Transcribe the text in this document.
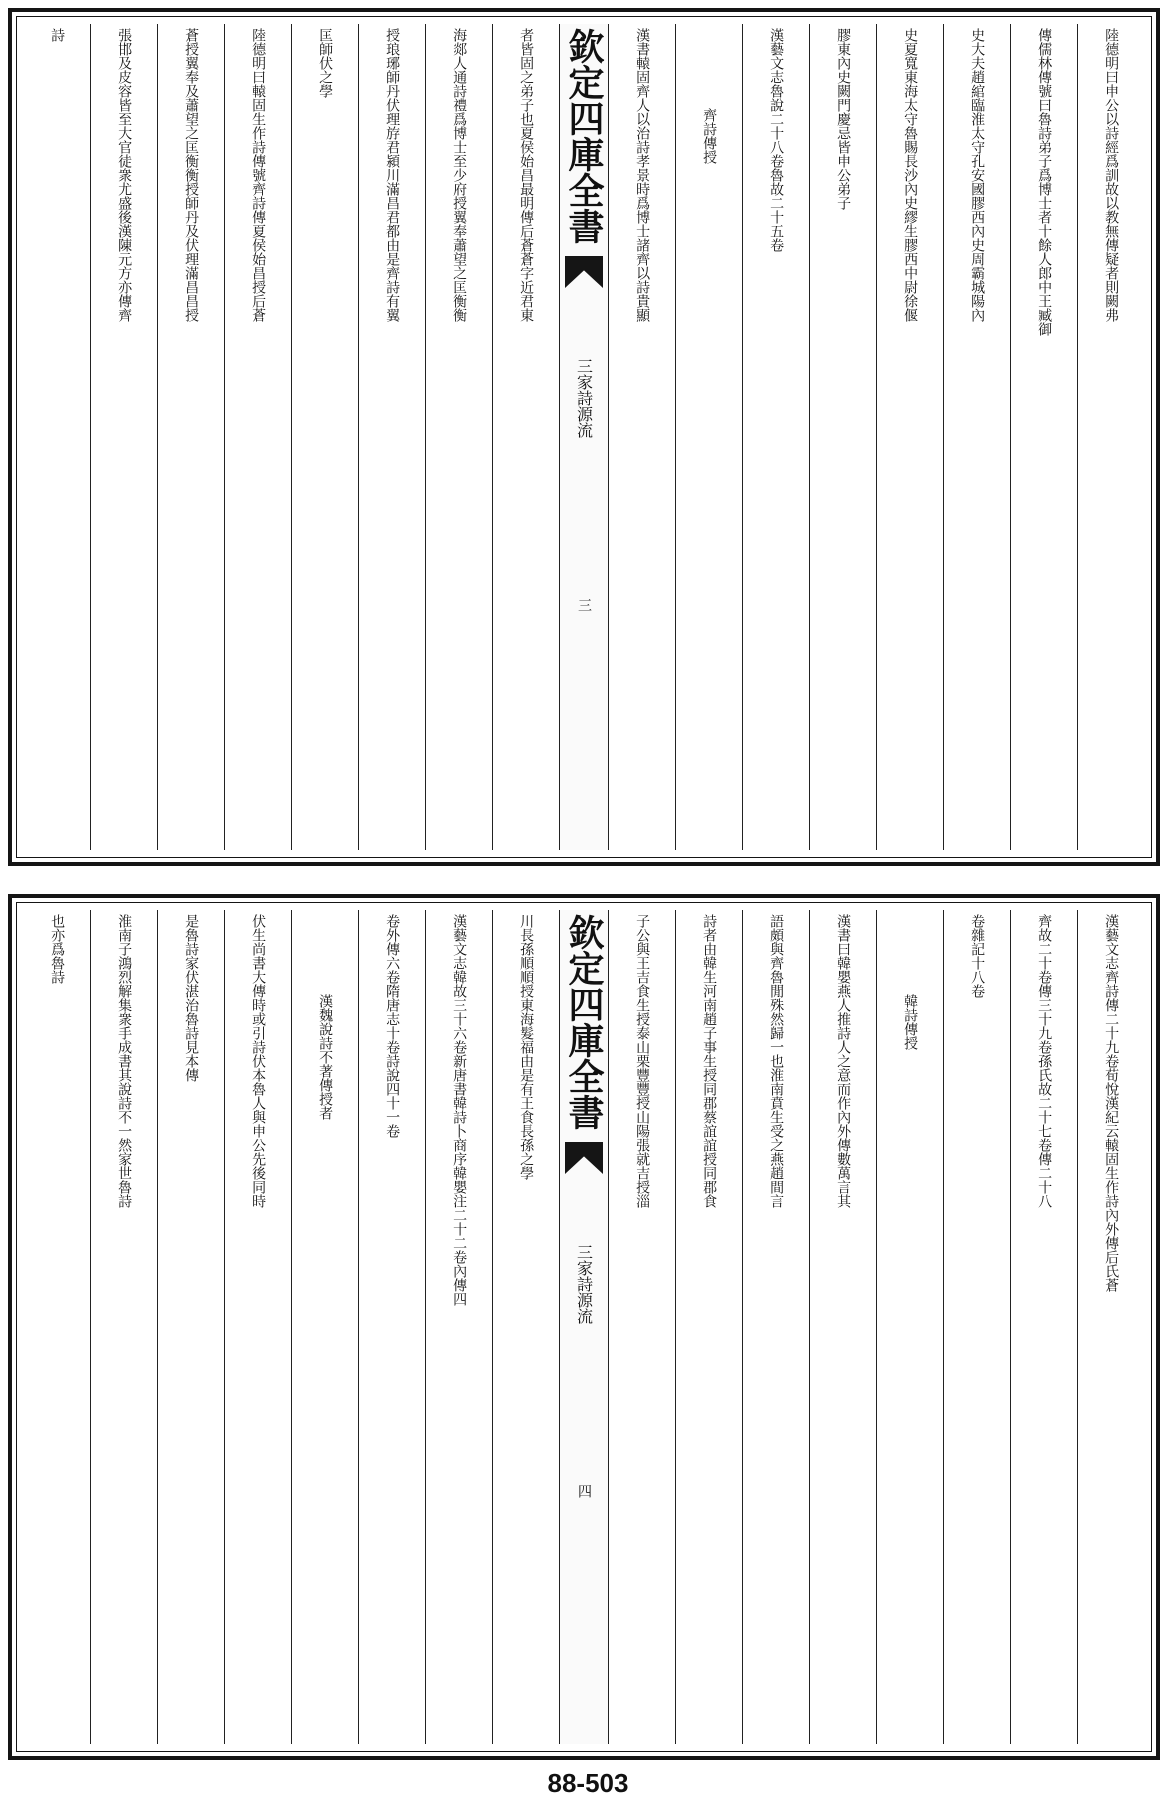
陸德明曰申公以詩經爲訓故以教無傳疑者則闕弗
傳儒林傳號曰魯詩弟子爲博士者十餘人郎中王臧御
史大夫趙綰臨淮太守孔安國膠西內史周霸城陽內
史夏寬東海太守魯賜長沙內史繆生膠西中尉徐偃
膠東內史闕門慶忌皆申公弟子
漢藝文志魯說二十八卷魯故二十五卷
齊詩傳授
漢書轅固齊人以治詩孝景時爲博士諸齊以詩貴顯
欽定四庫全書
三家詩源流
三
者皆固之弟子也夏侯始昌最明傳后蒼蒼字近君東
海郯人通詩禮爲博士至少府授翼奉蕭望之匡衡衡
授琅琊師丹伏理斿君潁川滿昌君都由是齊詩有翼
匡師伏之學
陸德明曰轅固生作詩傳號齊詩傳夏侯始昌授后蒼
蒼授翼奉及蕭望之匡衡衡授師丹及伏理滿昌昌授
張邯及皮容皆至大官徒衆尤盛後漢陳元方亦傳齊
詩
漢藝文志齊詩傳二十九卷荀悅漢紀云轅固生作詩內外傳后氏蒼
齊故二十卷傳三十九卷孫氏故二十七卷傳二十八
卷雜記十八卷
韓詩傳授
漢書曰韓嬰燕人推詩人之意而作內外傳數萬言其
語頗與齊魯閒殊然歸一也淮南賁生受之燕趙間言
詩者由韓生河南趙子事生授同郡蔡誼誼授同郡食
子公與王吉食生授泰山栗豐豐授山陽張就吉授淄
欽定四庫全書
三家詩源流
四
川長孫順順授東海髮福由是有王食長孫之學
漢藝文志韓故三十六卷新唐書韓詩卜商序韓嬰注二十二卷內傳四
卷外傳六卷隋唐志十卷詩說四十一卷
漢魏說詩不著傳授者
伏生尚書大傳時或引詩伏本魯人與申公先後同時
是魯詩家伏湛治魯詩見本傳
淮南子鴻烈解集衆手成書其說詩不一然家世魯詩
也亦爲魯詩
88-503
